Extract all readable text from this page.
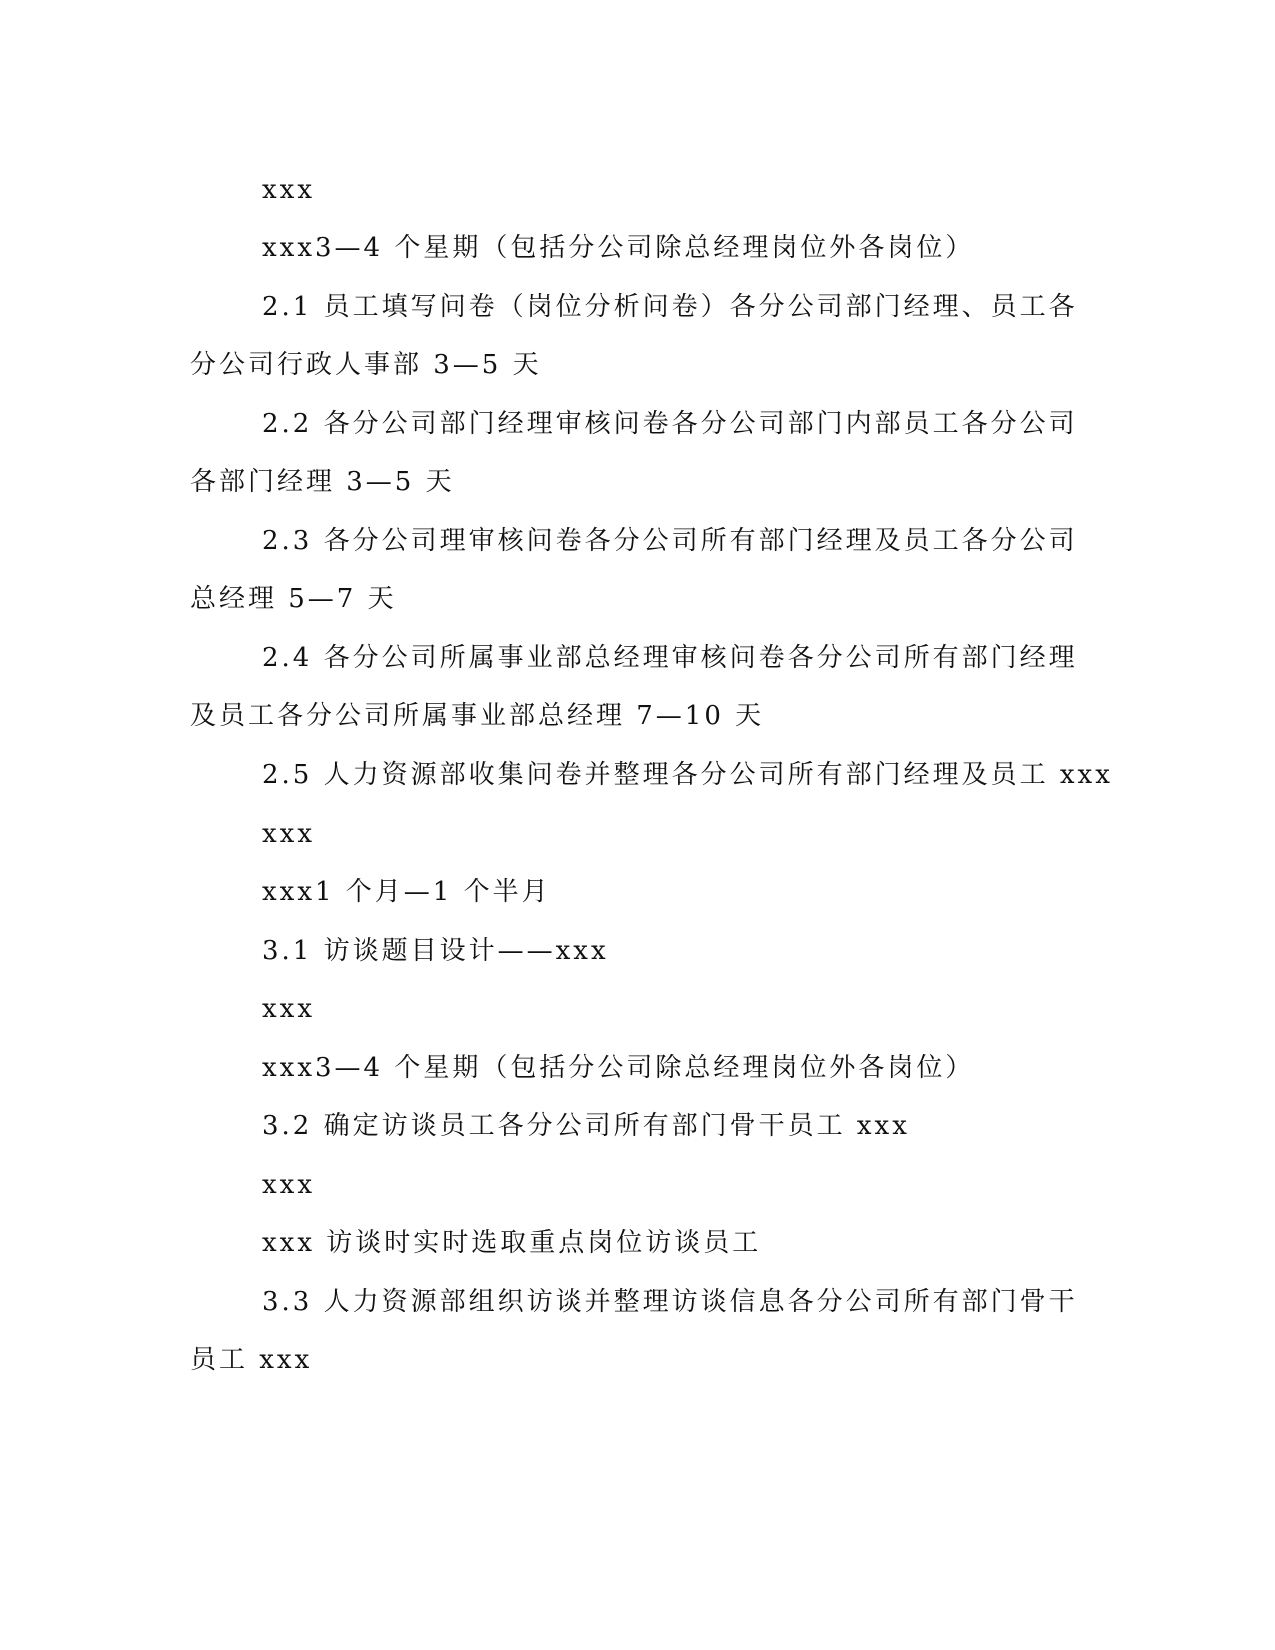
xxx
xxx3—4 个星期（包括分公司除总经理岗位外各岗位）
2.1 员工填写问卷（岗位分析问卷）各分公司部门经理、员工各
分公司行政人事部 3—5 天
2.2 各分公司部门经理审核问卷各分公司部门内部员工各分公司
各部门经理 3—5 天
2.3 各分公司理审核问卷各分公司所有部门经理及员工各分公司
总经理 5—7 天
2.4 各分公司所属事业部总经理审核问卷各分公司所有部门经理
及员工各分公司所属事业部总经理 7—10 天
2.5 人力资源部收集问卷并整理各分公司所有部门经理及员工 xxx
xxx
xxx1 个月—1 个半月
3.1 访谈题目设计——xxx
xxx
xxx3—4 个星期（包括分公司除总经理岗位外各岗位）
3.2 确定访谈员工各分公司所有部门骨干员工 xxx
xxx
xxx 访谈时实时选取重点岗位访谈员工
3.3 人力资源部组织访谈并整理访谈信息各分公司所有部门骨干
员工 xxx
